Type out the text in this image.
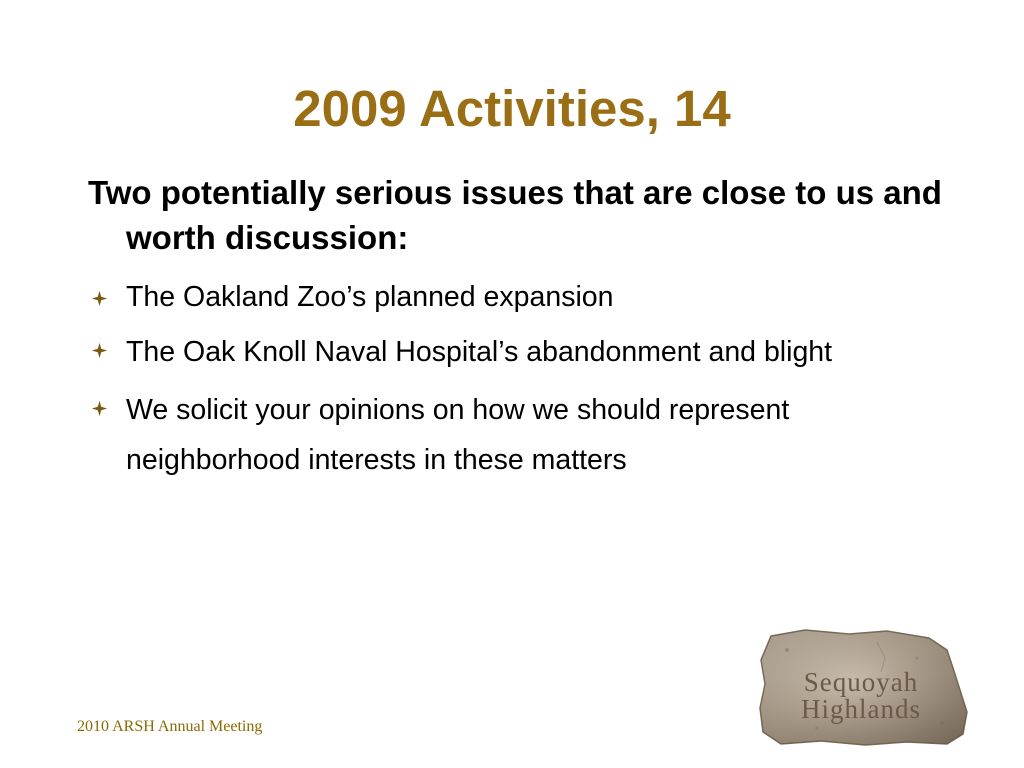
2009 Activities, 14

Two potentially serious issues that are close to us and worth discussion:

The Oakland Zoo’s planned expansion
The Oak Knoll Naval Hospital’s abandonment and blight
We solicit your opinions on how we should represent neighborhood interests in these matters
2010 ARSH Annual Meeting
Sequoyah
Highlands
